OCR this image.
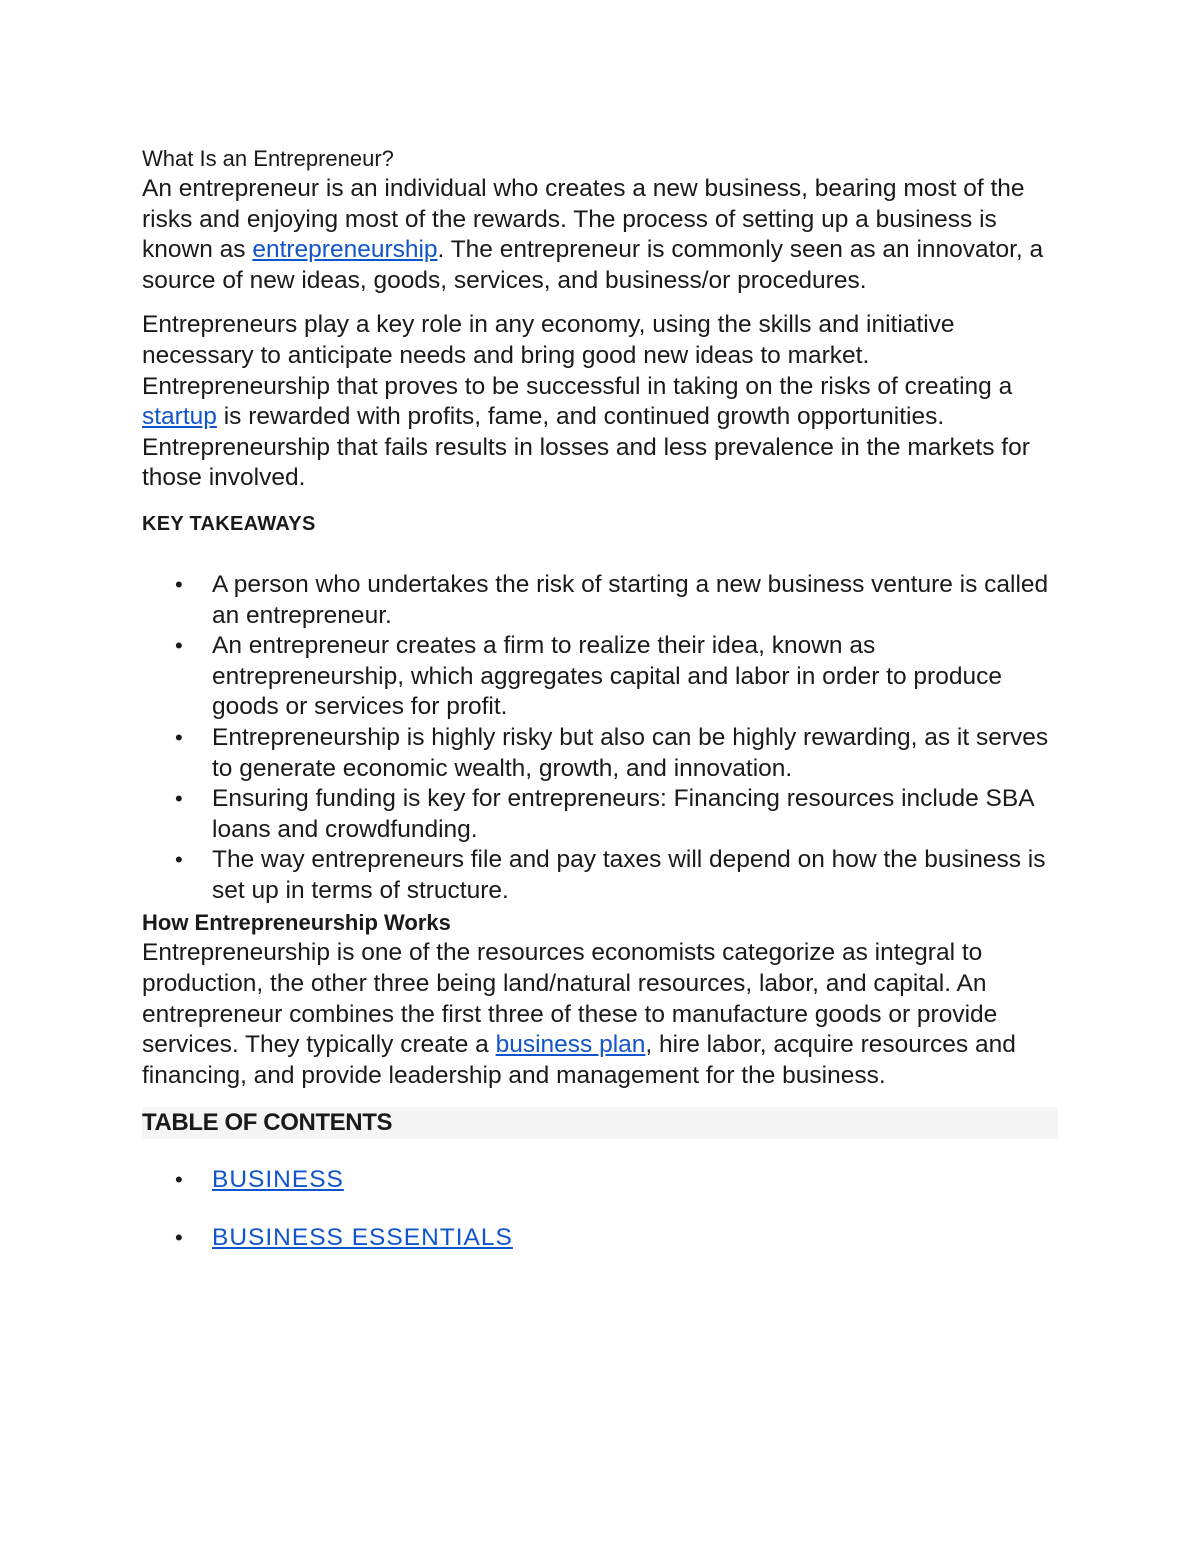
What Is an Entrepreneur?

An entrepreneur is an individual who creates a new business, bearing most of the risks and enjoying most of the rewards. The process of setting up a business is known as entrepreneurship. The entrepreneur is commonly seen as an innovator, a source of new ideas, goods, services, and business/or procedures.

Entrepreneurs play a key role in any economy, using the skills and initiative necessary to anticipate needs and bring good new ideas to market. Entrepreneurship that proves to be successful in taking on the risks of creating a startup is rewarded with profits, fame, and continued growth opportunities. Entrepreneurship that fails results in losses and less prevalence in the markets for those involved.

KEY TAKEAWAYS
• A person who undertakes the risk of starting a new business venture is called an entrepreneur.
• An entrepreneur creates a firm to realize their idea, known as entrepreneurship, which aggregates capital and labor in order to produce goods or services for profit.
• Entrepreneurship is highly risky but also can be highly rewarding, as it serves to generate economic wealth, growth, and innovation.
• Ensuring funding is key for entrepreneurs: Financing resources include SBA loans and crowdfunding.
• The way entrepreneurs file and pay taxes will depend on how the business is set up in terms of structure.
How Entrepreneurship Works

Entrepreneurship is one of the resources economists categorize as integral to production, the other three being land/natural resources, labor, and capital. An entrepreneur combines the first three of these to manufacture goods or provide services. They typically create a business plan, hire labor, acquire resources and financing, and provide leadership and management for the business.

TABLE OF CONTENTS
• BUSINESS
• BUSINESS ESSENTIALS
